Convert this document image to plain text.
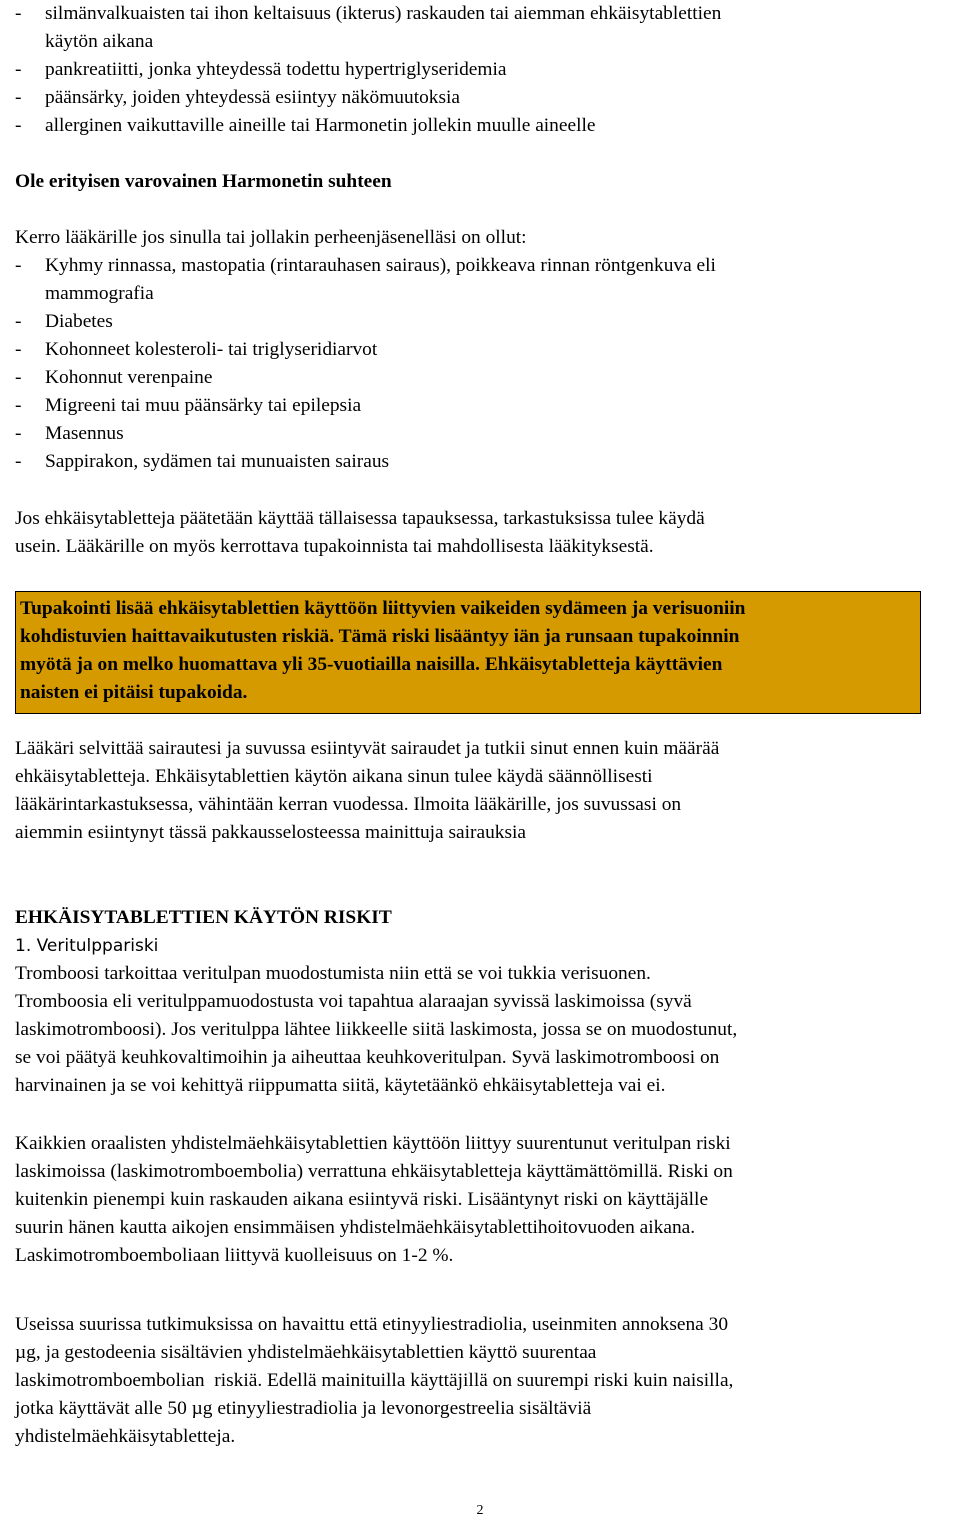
- silmänvalkuaisten tai ihon keltaisuus (ikterus) raskauden tai aiemman ehkäisytablettien
käytön aikana
- pankreatiitti, jonka yhteydessä todettu hypertriglyseridemia
- päänsärky, joiden yhteydessä esiintyy näkömuutoksia
- allerginen vaikuttaville aineille tai Harmonetin jollekin muulle aineelle
Ole erityisen varovainen Harmonetin suhteen
Kerro lääkärille jos sinulla tai jollakin perheenjäsenelläsi on ollut:
- Kyhmy rinnassa, mastopatia (rintarauhasen sairaus), poikkeava rinnan röntgenkuva eli
mammografia
- Diabetes
- Kohonneet kolesteroli- tai triglyseridiarvot
- Kohonnut verenpaine
- Migreeni tai muu päänsärky tai epilepsia
- Masennus
- Sappirakon, sydämen tai munuaisten sairaus
Jos ehkäisytabletteja päätetään käyttää tällaisessa tapauksessa, tarkastuksissa tulee käydä
usein. Lääkärille on myös kerrottava tupakoinnista tai mahdollisesta lääkityksestä.
Tupakointi lisää ehkäisytablettien käyttöön liittyvien vaikeiden sydämeen ja verisuoniin
kohdistuvien haittavaikutusten riskiä. Tämä riski lisääntyy iän ja runsaan tupakoinnin
myötä ja on melko huomattava yli 35-vuotiailla naisilla. Ehkäisytabletteja käyttävien
naisten ei pitäisi tupakoida.
Lääkäri selvittää sairautesi ja suvussa esiintyvät sairaudet ja tutkii sinut ennen kuin määrää
ehkäisytabletteja. Ehkäisytablettien käytön aikana sinun tulee käydä säännöllisesti
lääkärintarkastuksessa, vähintään kerran vuodessa. Ilmoita lääkärille, jos suvussasi on
aiemmin esiintynyt tässä pakkausselosteessa mainittuja sairauksia
EHKÄISYTABLETTIEN KÄYTÖN RISKIT
1. Veritulppariski
Tromboosi tarkoittaa veritulpan muodostumista niin että se voi tukkia verisuonen.
Tromboosia eli veritulppamuodostusta voi tapahtua alaraajan syvissä laskimoissa (syvä
laskimotromboosi). Jos veritulppa lähtee liikkeelle siitä laskimosta, jossa se on muodostunut,
se voi päätyä keuhkovaltimoihin ja aiheuttaa keuhkoveritulpan. Syvä laskimotromboosi on
harvinainen ja se voi kehittyä riippumatta siitä, käytetäänkö ehkäisytabletteja vai ei.
Kaikkien oraalisten yhdistelmäehkäisytablettien käyttöön liittyy suurentunut veritulpan riski
laskimoissa (laskimotromboembolia) verrattuna ehkäisytabletteja käyttämättömillä. Riski on
kuitenkin pienempi kuin raskauden aikana esiintyvä riski. Lisääntynyt riski on käyttäjälle
suurin hänen kautta aikojen ensimmäisen yhdistelmäehkäisytablettihoitovuoden aikana.
Laskimotromboemboliaan liittyvä kuolleisuus on 1-2 %.
Useissa suurissa tutkimuksissa on havaittu että etinyyliestradiolia, useinmiten annoksena 30
µg, ja gestodeenia sisältävien yhdistelmäehkäisytablettien käyttö suurentaa
laskimotromboembolian  riskiä. Edellä mainituilla käyttäjillä on suurempi riski kuin naisilla,
jotka käyttävät alle 50 µg etinyyliestradiolia ja levonorgestreelia sisältäviä
yhdistelmäehkäisytabletteja.
2
